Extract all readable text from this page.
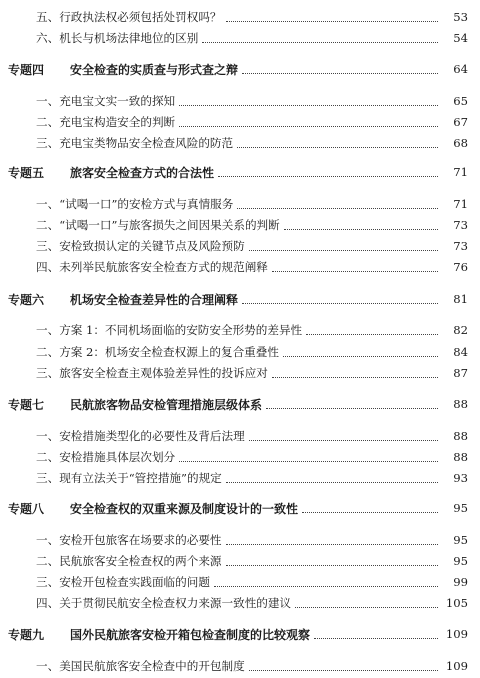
五、行政执法权必须包括处罚权吗？	53
六、机长与机场法律地位的区别	54
专题四	安全检查的实质查与形式查之辩	64
一、充电宝文实一致的探知	65
二、充电宝构造安全的判断	67
三、充电宝类物品安全检查风险的防范	68
专题五	旅客安全检查方式的合法性	71
一、“试喝一口”的安检方式与真情服务	71
二、“试喝一口”与旅客损失之间因果关系的判断	73
三、安检致损认定的关键节点及风险预防	73
四、未列举民航旅客安全检查方式的规范阐释	76
专题六	机场安全检查差异性的合理阐释	81
一、方案 1：不同机场面临的安防安全形势的差异性	82
二、方案 2：机场安全检查权源上的复合重叠性	84
三、旅客安全检查主观体验差异性的投诉应对	87
专题七	民航旅客物品安检管理措施层级体系	88
一、安检措施类型化的必要性及背后法理	88
二、安检措施具体层次划分	88
三、现有立法关于“管控措施”的规定	93
专题八	安全检查权的双重来源及制度设计的一致性	95
一、安检开包旅客在场要求的必要性	95
二、民航旅客安全检查权的两个来源	95
三、安检开包检查实践面临的问题	99
四、关于贯彻民航安全检查权力来源一致性的建议	105
专题九	国外民航旅客安检开箱包检查制度的比较观察	109
一、美国民航旅客安全检查中的开包制度	109
